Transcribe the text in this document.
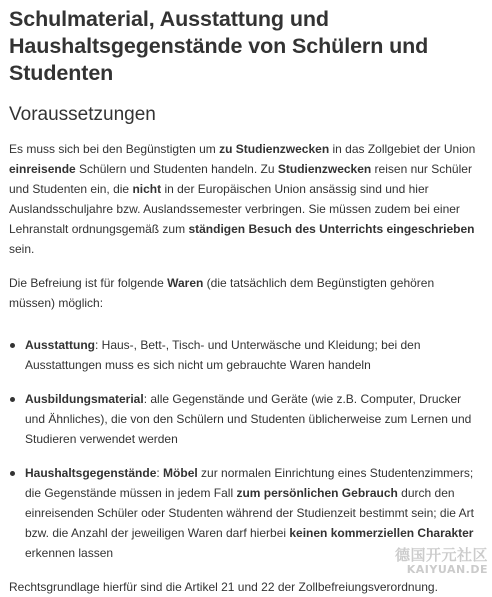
Schulmaterial, Ausstattung und Haushaltsgegenstände von Schülern und Studenten
Voraussetzungen

Es muss sich bei den Begünstigten um zu Studienzwecken in das Zollgebiet der Union einreisende Schülern und Studenten handeln. Zu Studienzwecken reisen nur Schüler und Studenten ein, die nicht in der Europäischen Union ansässig sind und hier Auslandsschuljahre bzw. Auslandssemester verbringen. Sie müssen zudem bei einer Lehranstalt ordnungsgemäß zum ständigen Besuch des Unterrichts eingeschrieben sein.

Die Befreiung ist für folgende Waren (die tatsächlich dem Begünstigten gehören müssen) möglich:

Ausstattung: Haus-, Bett-, Tisch- und Unterwäsche und Kleidung; bei den Ausstattungen muss es sich nicht um gebrauchte Waren handeln
Ausbildungsmaterial: alle Gegenstände und Geräte (wie z.B. Computer, Drucker und Ähnliches), die von den Schülern und Studenten üblicherweise zum Lernen und Studieren verwendet werden
Haushaltsgegenstände: Möbel zur normalen Einrichtung eines Studentenzimmers; die Gegenstände müssen in jedem Fall zum persönlichen Gebrauch durch den einreisenden Schüler oder Studenten während der Studienzeit bestimmt sein; die Art bzw. die Anzahl der jeweiligen Waren darf hierbei keinen kommerziellen Charakter erkennen lassen

Rechtsgrundlage hierfür sind die Artikel 21 und 22 der Zollbefreiungsverordnung.

德国开元社区
KAIYUAN.DE
